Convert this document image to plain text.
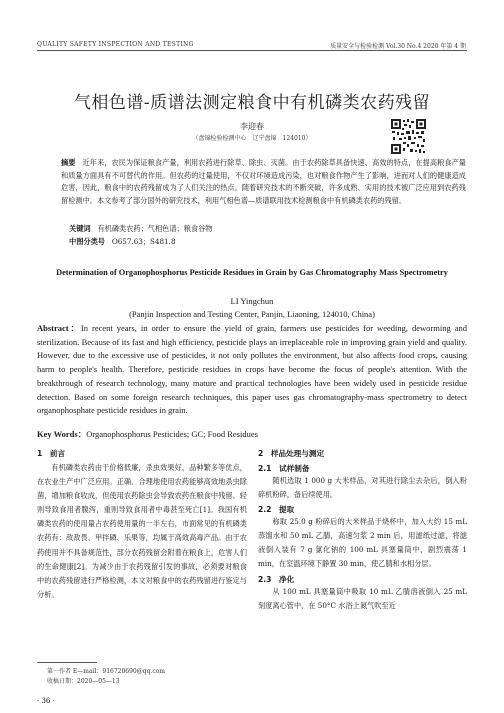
QUALITY SAFETY INSPECTION AND TESTING	质量安全与检验检测 Vol.30 No.4 2020 年第 4 期
气相色谱-质谱法测定粮食中有机磷类农药残留
李迎春
（盘锦检验检测中心　辽宁盘锦　124010）
摘要 近年来，农民为保证粮食产量，利用农药进行除草、除虫、灭菌。由于农药除草具备快速、高效的特点，在提高粮食产量和质量方面具有不可替代的作用。但农药的过量使用，不仅对环境造成污染，也对粮食作物产生了影响，进而对人们的健康造成危害，因此，粮食中的农药残留成为了人们关注的热点。随着研究技术的不断突破，许多成熟、实用的技术被广泛应用到农药残留检测中。本文参考了部分国外的研究技术，利用气相色谱—质谱联用技术检测粮食中有机磷类农药的残留。
关键词 有机磷类农药；气相色谱；粮食谷物
中图分类号 O657.63；S481.8
Determination of Organophosphorus Pesticide Residues in Grain by Gas Chromatography Mass Spectrometry
LI Yingchun
(Panjin Inspection and Testing Center, Panjin, Liaoning, 124010, China)
Abstract：In recent years, in order to ensure the yield of grain, farmers use pesticides for weeding, deworming and sterilization. Because of its fast and high efficiency, pesticide plays an irreplaceable role in improving grain yield and quality. However, due to the excessive use of pesticides, it not only pollutes the environment, but also affects food crops, causing harm to people's health. Therefore, pesticide residues in crops have become the focus of people's attention. With the breakthrough of research technology, many mature and practical technologies have been widely used in pesticide residue detection. Based on some foreign research techniques, this paper uses gas chromatography-mass spectrometry to detect organophosphate pesticide residues in grain.
Key Words：Organophosphorus Pesticides; GC; Food Residues
1　前言
有机磷类农药由于价格低廉，杀虫效果好，品种繁多等优点，在农业生产中广泛应用。正确、合理地使用农药能够高效地杀虫除菌，增加粮食收成，但使用农药除虫会导致农药在粮食中残留。轻则导致食用者腹泻，重则导致食用者中毒甚至死亡[1]。我国有机磷类农药的使用量占农药使用量的一半左右，市面常见的有机磷类农药有：敌敌畏、甲拌磷、乐果等，均属于高效高毒产品。由于农药使用并不具备规范性，部分农药残留会附着在粮食上，危害人们的生命健康[2]。为减少由于农药残留引发的事故，必须要对粮食中的农药残留进行严格检测，本文对粮食中的农药残留进行鉴定与分析。
2　样品处理与测定
2.1　试样制备
随机选取 1 000 g 大米样品，对其进行除尘去杂后，倒入粉碎机粉碎，备后续使用。
2.2　提取
称取 25.0 g 粉碎后的大米样品于烧杯中，加入大约 15 mL 蒸馏水和 50 mL 乙腈，高速匀浆 2 min 后，用滤纸过滤，将滤液倒入装有 7 g 氯化钠的 100 mL 具塞量筒中，剧烈震荡 1 min，在室温环境下静置 30 min，使乙腈和水相分层。
2.3　净化
从 100 mL 具塞量筒中吸取 10 mL 乙腈溶液倒入 25 mL 刻度离心管中，在 50°C 水浴上氮气吹至近
第一作者 E—mail：916720690@qq.com
收稿日期：2020—05—13
· 36 ·
